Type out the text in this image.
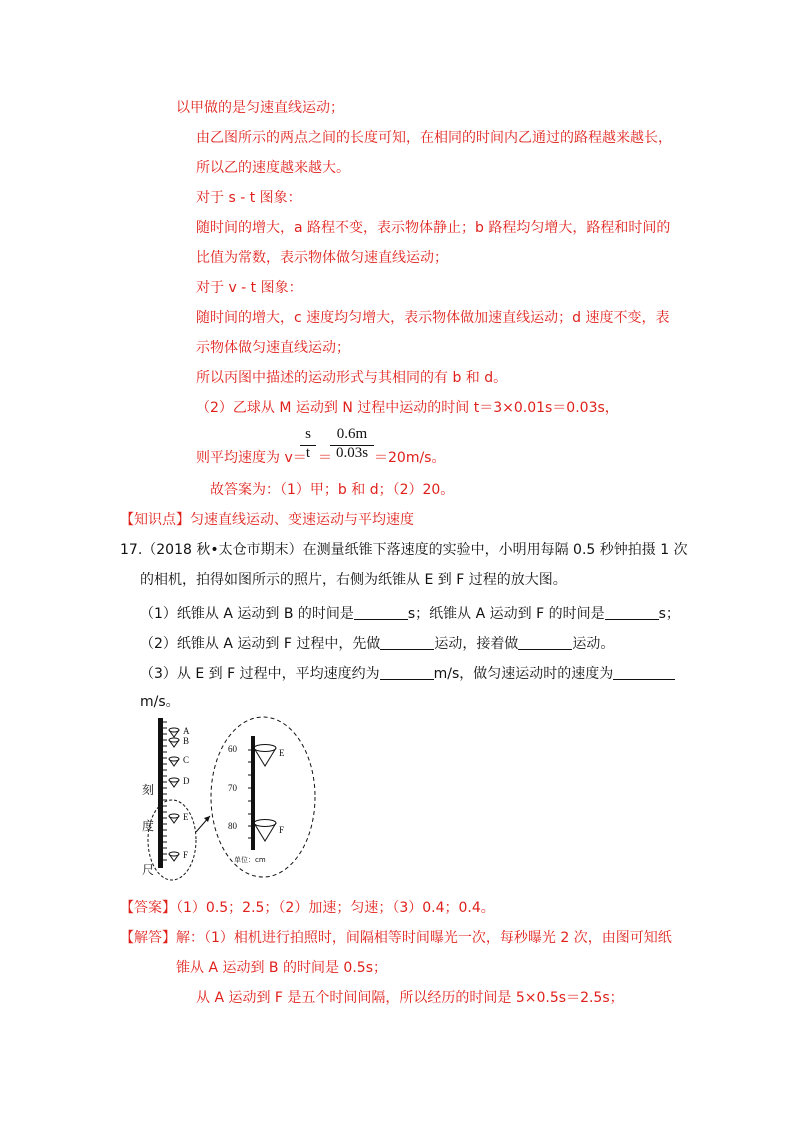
以甲做的是匀速直线运动；
由乙图所示的两点之间的长度可知，在相同的时间内乙通过的路程越来越长，
所以乙的速度越来越大。
对于 s - t 图象：
随时间的增大，a 路程不变，表示物体静止；b 路程均匀增大，路程和时间的
比值为常数，表示物体做匀速直线运动；
对于 v - t 图象：
随时间的增大，c 速度均匀增大，表示物体做加速直线运动；d 速度不变，表
示物体做匀速直线运动；
所以丙图中描述的运动形式与其相同的有 b 和 d。
（2）乙球从 M 运动到 N 过程中运动的时间 t＝3×0.01s＝0.03s，
则平均速度为 v＝
s
t ＝
0.6m
0.03s ＝20m/s。
故答案为：（1）甲；b 和 d；（2）20。
【知识点】匀速直线运动、变速运动与平均速度
17.（2018 秋•太仓市期末）在测量纸锥下落速度的实验中，小明用每隔 0.5 秒钟拍摄 1 次
的相机，拍得如图所示的照片，右侧为纸锥从 E 到 F 过程的放大图。
（1）纸锥从 A 运动到 B 的时间是	s；纸锥从 A 运动到 F 的时间是	s；
（2）纸锥从 A 运动到 F 过程中，先做	运动，接着做	运动。
（3）从 E 到 F 过程中，平均速度约为	m/s，做匀速运动时的速度为
m/s。
刻
度
尺
A
B
C
D
E
F
60
70
80
E
F
单位：cm
【答案】（1）0.5；2.5；（2）加速；匀速；（3）0.4；0.4。
【解答】解：（1）相机进行拍照时，间隔相等时间曝光一次，每秒曝光 2 次，由图可知纸
锥从 A 运动到 B 的时间是 0.5s；
从 A 运动到 F 是五个时间间隔，所以经历的时间是 5×0.5s＝2.5s；
